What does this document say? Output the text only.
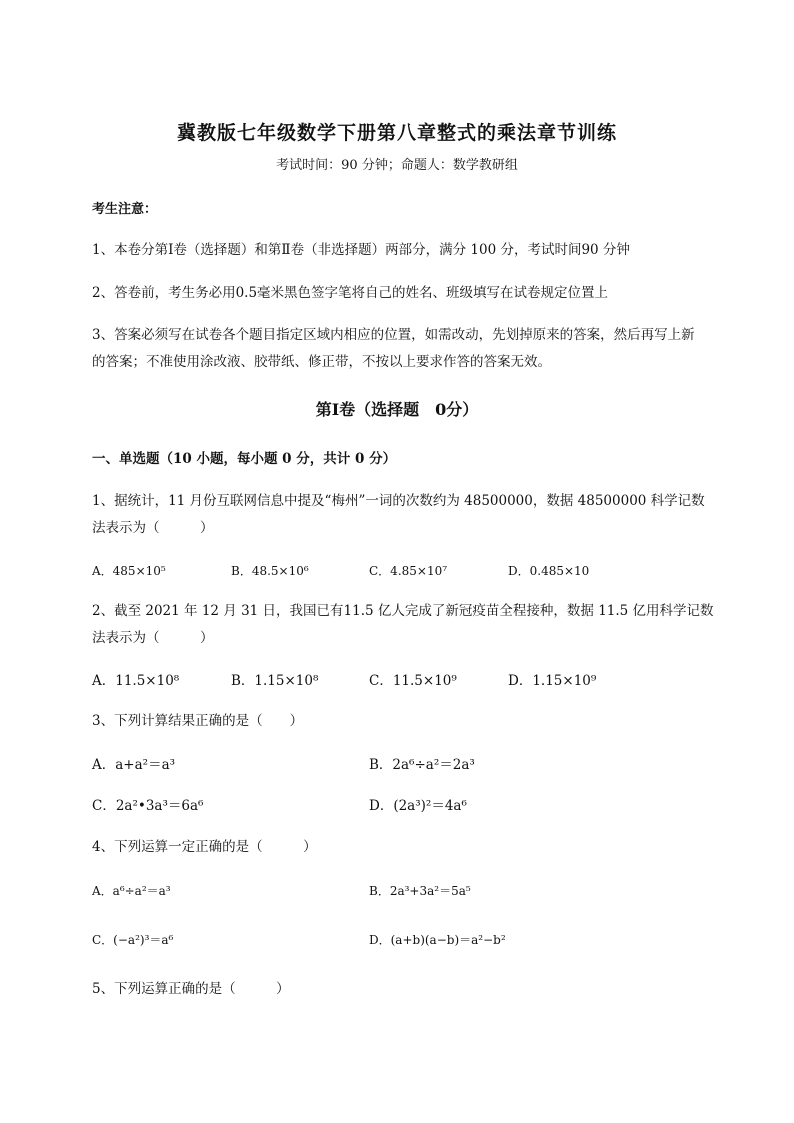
冀教版七年级数学下册第八章整式的乘法章节训练
考试时间：90 分钟；命题人：数学教研组
考生注意：
1、本卷分第Ⅰ卷（选择题）和第Ⅱ卷（非选择题）两部分，满分 100 分，考试时间90 分钟
2、答卷前，考生务必用0.5毫米黑色签字笔将自己的姓名、班级填写在试卷规定位置上
3、答案必须写在试卷各个题目指定区域内相应的位置，如需改动，先划掉原来的答案，然后再写上新
的答案；不准使用涂改液、胶带纸、修正带，不按以上要求作答的答案无效。
第Ⅰ卷（选择题　0分）
一、单选题（10 小题，每小题 0 分，共计 0 分）
1、据统计，11 月份互联网信息中提及“梅州”一词的次数约为 48500000，数据 48500000 科学记数
法表示为（　　　）
A．485×10⁵	B．48.5×10⁶	C．4.85×10⁷	D．0.485×10
2、截至 2021 年 12 月 31 日，我国已有11.5 亿人完成了新冠疫苗全程接种，数据 11.5 亿用科学记数
法表示为（　　　）
A．11.5×10⁸	B．1.15×10⁸	C．11.5×10⁹	D．1.15×10⁹
3、下列计算结果正确的是（　　）
A．a+a²＝a³	B．2a⁶÷a²＝2a³
C．2a²•3a³＝6a⁶	D．(2a³)²＝4a⁶
4、下列运算一定正确的是（　　　）
A．a⁶÷a²＝a³	B．2a³+3a²＝5a⁵
C．(−a²)³＝a⁶	D．(a+b)(a−b)＝a²−b²
5、下列运算正确的是（　　　）
